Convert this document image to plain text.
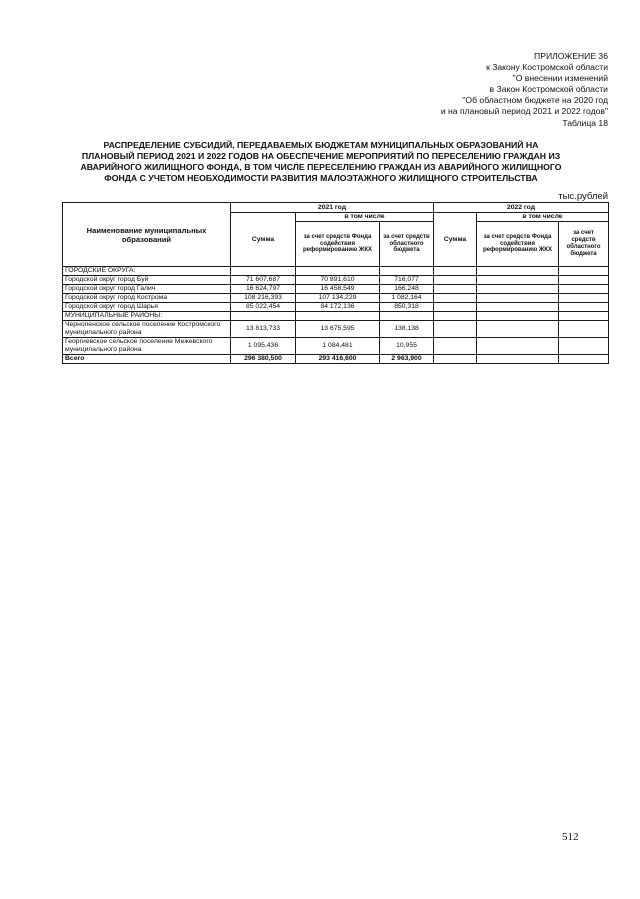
ПРИЛОЖЕНИЕ 36
к Закону Костромской области
"О внесении изменений
в Закон Костромской области
"Об областном бюджете на 2020 год
и на плановый период 2021 и 2022 годов"
Таблица 18
РАСПРЕДЕЛЕНИЕ СУБСИДИЙ, ПЕРЕДАВАЕМЫХ БЮДЖЕТАМ МУНИЦИПАЛЬНЫХ ОБРАЗОВАНИЙ НА
ПЛАНОВЫЙ ПЕРИОД 2021 И 2022 ГОДОВ НА ОБЕСПЕЧЕНИЕ МЕРОПРИЯТИЙ ПО ПЕРЕСЕЛЕНИЮ ГРАЖДАН ИЗ
АВАРИЙНОГО ЖИЛИЩНОГО ФОНДА, В ТОМ ЧИСЛЕ ПЕРЕСЕЛЕНИЮ ГРАЖДАН ИЗ АВАРИЙНОГО ЖИЛИЩНОГО
ФОНДА С УЧЕТОМ НЕОБХОДИМОСТИ РАЗВИТИЯ МАЛОЭТАЖНОГО ЖИЛИЩНОГО СТРОИТЕЛЬСТВА
тыс.рублей
Наименование муниципальных образований	2021 год			2022 год		
	Сумма	в том числе		Сумма	в том числе	
		за счет средств Фонда содействия реформированию ЖКХ	за счет средств областного бюджета		за счет средств Фонда содействия реформированию ЖКХ	за счет средств областного бюджета
ГОРОДСКИЕ ОКРУГА:						
Городской округ город Буй	71 607,687	70 891,610	716,077			
Городской округ город Галич	16 624,797	16 458,549	166,248			
Городской округ город Кострома	108 216,393	107 134,229	1 082,164			
Городской округ город Шарья	85 022,454	84 172,136	850,318			
МУНИЦИПАЛЬНЫЕ РАЙОНЫ:						
Чернопенское сельское поселение Костромского муниципального района	13 813,733	13 675,595	138,138			
Георгиевское сельское поселение Межевского муниципального района	1 095,436	1 084,481	10,955			
Всего	296 380,500	293 416,600	2 963,900			
512
